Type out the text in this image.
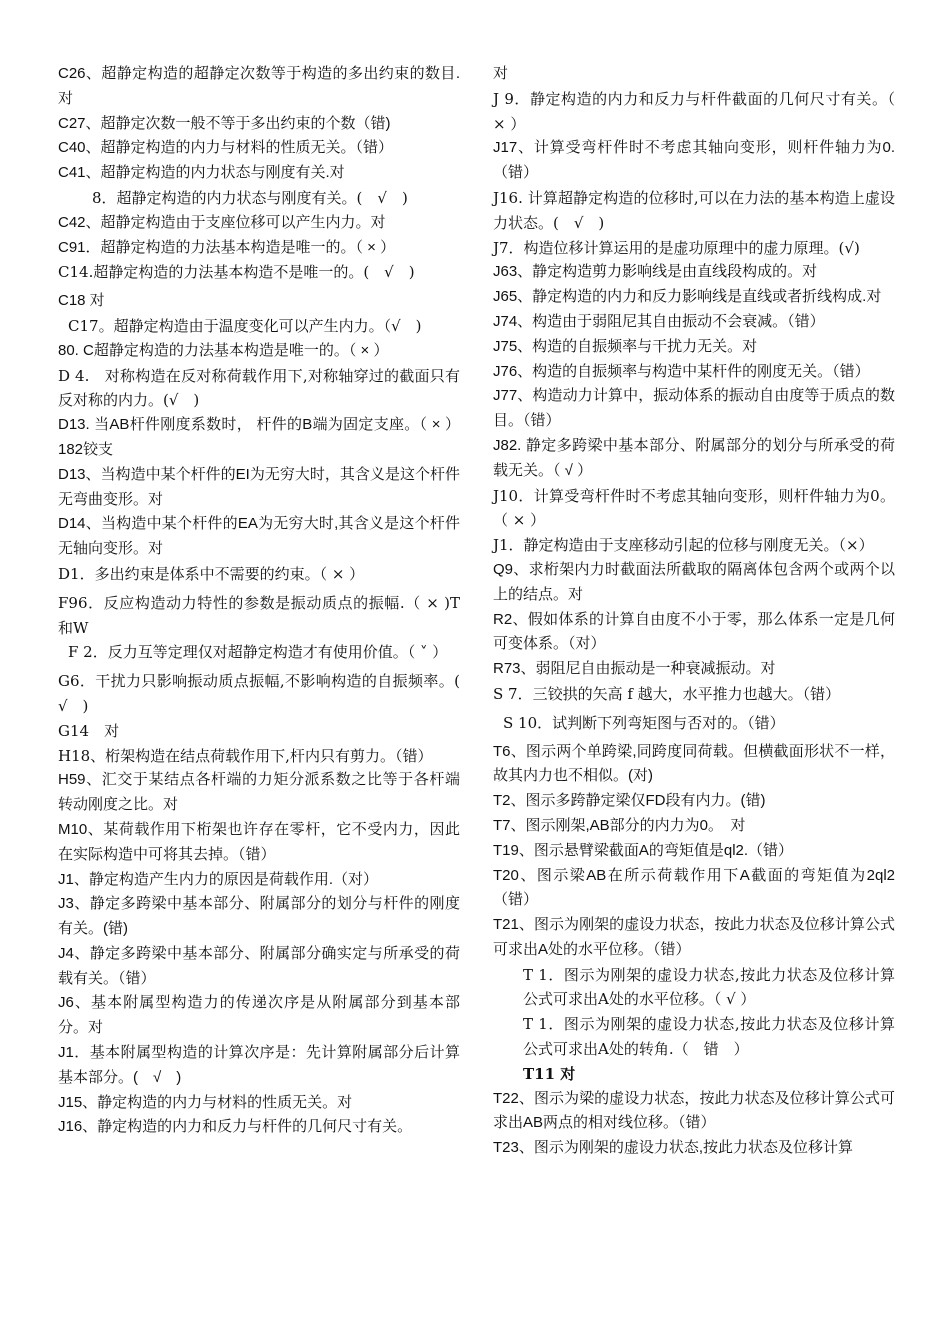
C26、超静定构造的超静定次数等于构造的多出约束的数目.对

C27、超静定次数一般不等于多出约束的个数（错)

C40、超静定构造的内力与材料的性质无关。（错）

C41、超静定构造的内力状态与刚度有关.对

8．超静定构造的内力状态与刚度有关。(　√　)

C42、超静定构造由于支座位移可以产生内力。对

C91．超静定构造的力法基本构造是唯一的。（ × ）

C14.超静定构造的力法基本构造不是唯一的。(　√　)

C18 对

C17。超静定构造由于温度变化可以产生内力。（√　)

80. C超静定构造的力法基本构造是唯一的。（ × ）

D 4.　对称构造在反对称荷载作用下,对称轴穿过的截面只有反对称的内力。(√　)

D13. 当AB杆件刚度系数时， 杆件的B端为固定支座。（ × ）182铰支

D13、当构造中某个杆件的EI为无穷大时，其含义是这个杆件无弯曲变形。对

D14、当构造中某个杆件的EA为无穷大时,其含义是这个杆件无轴向变形。对

D1．多出约束是体系中不需要的约束。（ × ）

F96．反应构造动力特性的参数是振动质点的振幅.（ × )T和W

F 2．反力互等定理仅对超静定构造才有使用价值。（ ˅ ）

G6．干扰力只影响振动质点振幅,不影响构造的自振频率。(　√　)

G14　对

H18、桁架构造在结点荷载作用下,杆内只有剪力。（错）

H59、汇交于某结点各杆端的力矩分派系数之比等于各杆端转动刚度之比。对

M10、某荷载作用下桁架也许存在零杆，它不受内力，因此在实际构造中可将其去掉。（错）

J1、静定构造产生内力的原因是荷载作用.（对）

J3、静定多跨梁中基本部分、附属部分的划分与杆件的刚度有关。(错)

J4、静定多跨梁中基本部分、附属部分确实定与所承受的荷载有关。（错）

J6、基本附属型构造力的传递次序是从附属部分到基本部分。对

J1．基本附属型构造的计算次序是：先计算附属部分后计算基本部分。(　√　)

J15、静定构造的内力与材料的性质无关。对

J16、静定构造的内力和反力与杆件的几何尺寸有关。

对

J 9．静定构造的内力和反力与杆件截面的几何尺寸有关。（ × ）

J17、计算受弯杆件时不考虑其轴向变形，则杆件轴力为0.（错）

J16. 计算超静定构造的位移时,可以在力法的基本构造上虚设力状态。(　√　)

J7．构造位移计算运用的是虚功原理中的虚力原理。(√)

J63、静定构造剪力影响线是由直线段构成的。对

J65、静定构造的内力和反力影响线是直线或者折线构成.对

J74、构造由于弱阻尼其自由振动不会衰减。（错）

J75、构造的自振频率与干扰力无关。对

J76、构造的自振频率与构造中某杆件的刚度无关。（错）

J77、构造动力计算中，振动体系的振动自由度等于质点的数目。（错）

J82. 静定多跨梁中基本部分、附属部分的划分与所承受的荷载无关。（ √ ）

J10．计算受弯杆件时不考虑其轴向变形，则杆件轴力为0。（ × ）

J1．静定构造由于支座移动引起的位移与刚度无关。（×）

Q9、求桁架内力时截面法所截取的隔离体包含两个或两个以上的结点。对

R2、假如体系的计算自由度不小于零，那么体系一定是几何可变体系。（对）

R73、弱阻尼自由振动是一种衰减振动。对

S 7．三铰拱的矢高 f 越大，水平推力也越大。（错）

S 10．试判断下列弯矩图与否对的。（错）

T6、图示两个单跨梁,同跨度同荷载。但横截面形状不一样，故其内力也不相似。(对)

T2、图示多跨静定梁仅FD段有内力。(错)

T7、图示刚架,AB部分的内力为0。　对

T19、图示悬臂梁截面A的弯矩值是ql2.（错）

T20、图示梁AB在所示荷载作用下A截面的弯矩值为2ql2（错）

T21、图示为刚架的虚设力状态，按此力状态及位移计算公式可求出A处的水平位移。（错）

T 1．图示为刚架的虚设力状态,按此力状态及位移计算公式可求出A处的水平位移。（ √ ）

T 1．图示为刚架的虚设力状态,按此力状态及位移计算公式可求出A处的转角.（　错　）

T11 对

T22、图示为梁的虚设力状态，按此力状态及位移计算公式可求出AB两点的相对线位移。（错）

T23、图示为刚架的虚设力状态,按此力状态及位移计算
